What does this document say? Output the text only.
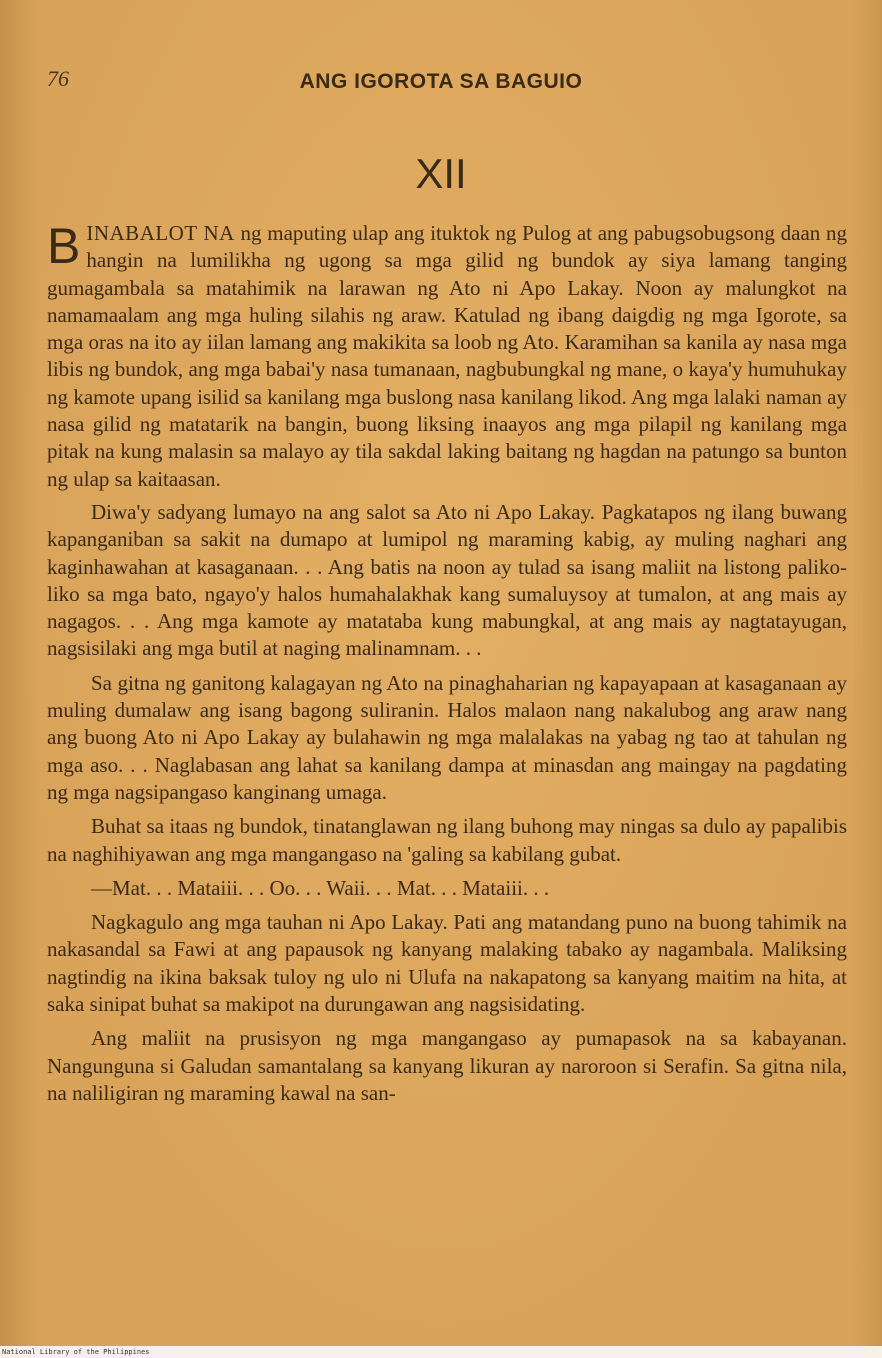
76	ANG IGOROTA SA BAGUIO
XII

BINABALOT NA ng maputing ulap ang ituktok ng Pulog at ang pabugsobugsong daan ng hangin na lumilikha ng ugong sa mga gilid ng bundok ay siya lamang tanging gumagambala sa matahimik na larawan ng Ato ni Apo Lakay. Noon ay malungkot na namamaalam ang mga huling silahis ng araw. Katulad ng ibang daigdig ng mga Igorote, sa mga oras na ito ay iilan lamang ang makikita sa loob ng Ato. Karamihan sa kanila ay nasa mga libis ng bundok, ang mga babai'y nasa tumanaan, nagbubungkal ng mane, o kaya'y humuhukay ng kamote upang isilid sa kanilang mga buslong nasa kanilang likod. Ang mga lalaki naman ay nasa gilid ng matatarik na bangin, buong liksing inaayos ang mga pilapil ng kanilang mga pitak na kung malasin sa malayo ay tila sakdal laking baitang ng hagdan na patungo sa bunton ng ulap sa kaitaasan.

Diwa'y sadyang lumayo na ang salot sa Ato ni Apo Lakay. Pagkatapos ng ilang buwang kapanganiban sa sakit na dumapo at lumipol ng maraming kabig, ay muling naghari ang kaginhawahan at kasaganaan. . . Ang batis na noon ay tulad sa isang maliit na listong paliko-liko sa mga bato, ngayo'y halos humahalakhak kang sumaluysoy at tumalon, at ang mais ay nagagos. . . Ang mga kamote ay matataba kung mabungkal, at ang mais ay nagtatayugan, nagsisilaki ang mga butil at naging malinamnam. . .

Sa gitna ng ganitong kalagayan ng Ato na pinaghaharian ng kapayapaan at kasaganaan ay muling dumalaw ang isang bagong suliranin. Halos malaon nang nakalubog ang araw nang ang buong Ato ni Apo Lakay ay bulahawin ng mga malalakas na yabag ng tao at tahulan ng mga aso. . . Naglabasan ang lahat sa kanilang dampa at minasdan ang maingay na pagdating ng mga nagsipangaso kanginang umaga.

Buhat sa itaas ng bundok, tinatanglawan ng ilang buhong may ningas sa dulo ay papalibis na naghihiyawan ang mga mangangaso na 'galing sa kabilang gubat.

—Mat. . . Mataiii. . . Oo. . . Waii. . . Mat. . . Mataiii. . .

Nagkagulo ang mga tauhan ni Apo Lakay. Pati ang matandang puno na buong tahimik na nakasandal sa Fawi at ang papausok ng kanyang malaking tabako ay nagambala. Maliksing nagtindig na ikina baksak tuloy ng ulo ni Ulufa na nakapatong sa kanyang maitim na hita, at saka sinipat buhat sa makipot na durungawan ang nagsisidating.

Ang maliit na prusisyon ng mga mangangaso ay pumapasok na sa kabayanan. Nangunguna si Galudan samantalang sa kanyang likuran ay naroroon si Serafin. Sa gitna nila, na naliligiran ng maraming kawal na san-

National Library of the Philippines
